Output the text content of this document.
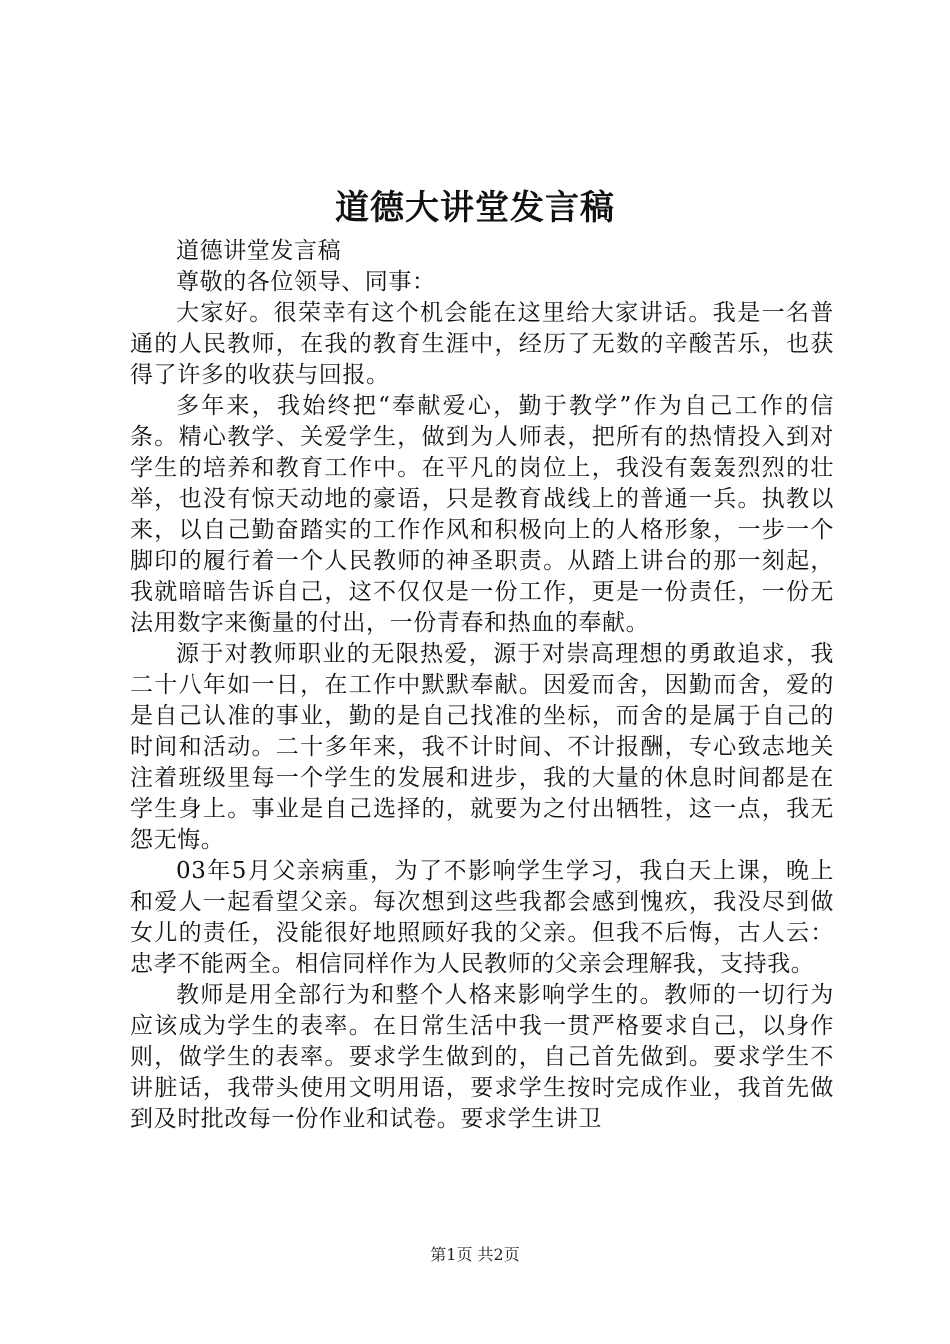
道德大讲堂发言稿

道德讲堂发言稿

尊敬的各位领导、同事：

大家好。很荣幸有这个机会能在这里给大家讲话。我是一名普通的人民教师，在我的教育生涯中，经历了无数的辛酸苦乐，也获得了许多的收获与回报。

多年来，我始终把“奉献爱心，勤于教学”作为自己工作的信条。精心教学、关爱学生，做到为人师表，把所有的热情投入到对学生的培养和教育工作中。在平凡的岗位上，我没有轰轰烈烈的壮举，也没有惊天动地的豪语，只是教育战线上的普通一兵。执教以来，以自己勤奋踏实的工作作风和积极向上的人格形象，一步一个脚印的履行着一个人民教师的神圣职责。从踏上讲台的那一刻起，我就暗暗告诉自己，这不仅仅是一份工作，更是一份责任，一份无法用数字来衡量的付出，一份青春和热血的奉献。

源于对教师职业的无限热爱，源于对崇高理想的勇敢追求，我二十八年如一日，在工作中默默奉献。因爱而舍，因勤而舍，爱的是自己认准的事业，勤的是自己找准的坐标，而舍的是属于自己的时间和活动。二十多年来，我不计时间、不计报酬，专心致志地关注着班级里每一个学生的发展和进步，我的大量的休息时间都是在学生身上。事业是自己选择的，就要为之付出牺牲，这一点，我无怨无悔。

03年5月父亲病重，为了不影响学生学习，我白天上课，晚上和爱人一起看望父亲。每次想到这些我都会感到愧疚，我没尽到做女儿的责任，没能很好地照顾好我的父亲。但我不后悔，古人云：忠孝不能两全。相信同样作为人民教师的父亲会理解我，支持我。

教师是用全部行为和整个人格来影响学生的。教师的一切行为应该成为学生的表率。在日常生活中我一贯严格要求自己，以身作则，做学生的表率。要求学生做到的，自己首先做到。要求学生不讲脏话，我带头使用文明用语，要求学生按时完成作业，我首先做到及时批改每一份作业和试卷。要求学生讲卫

第1页 共2页
